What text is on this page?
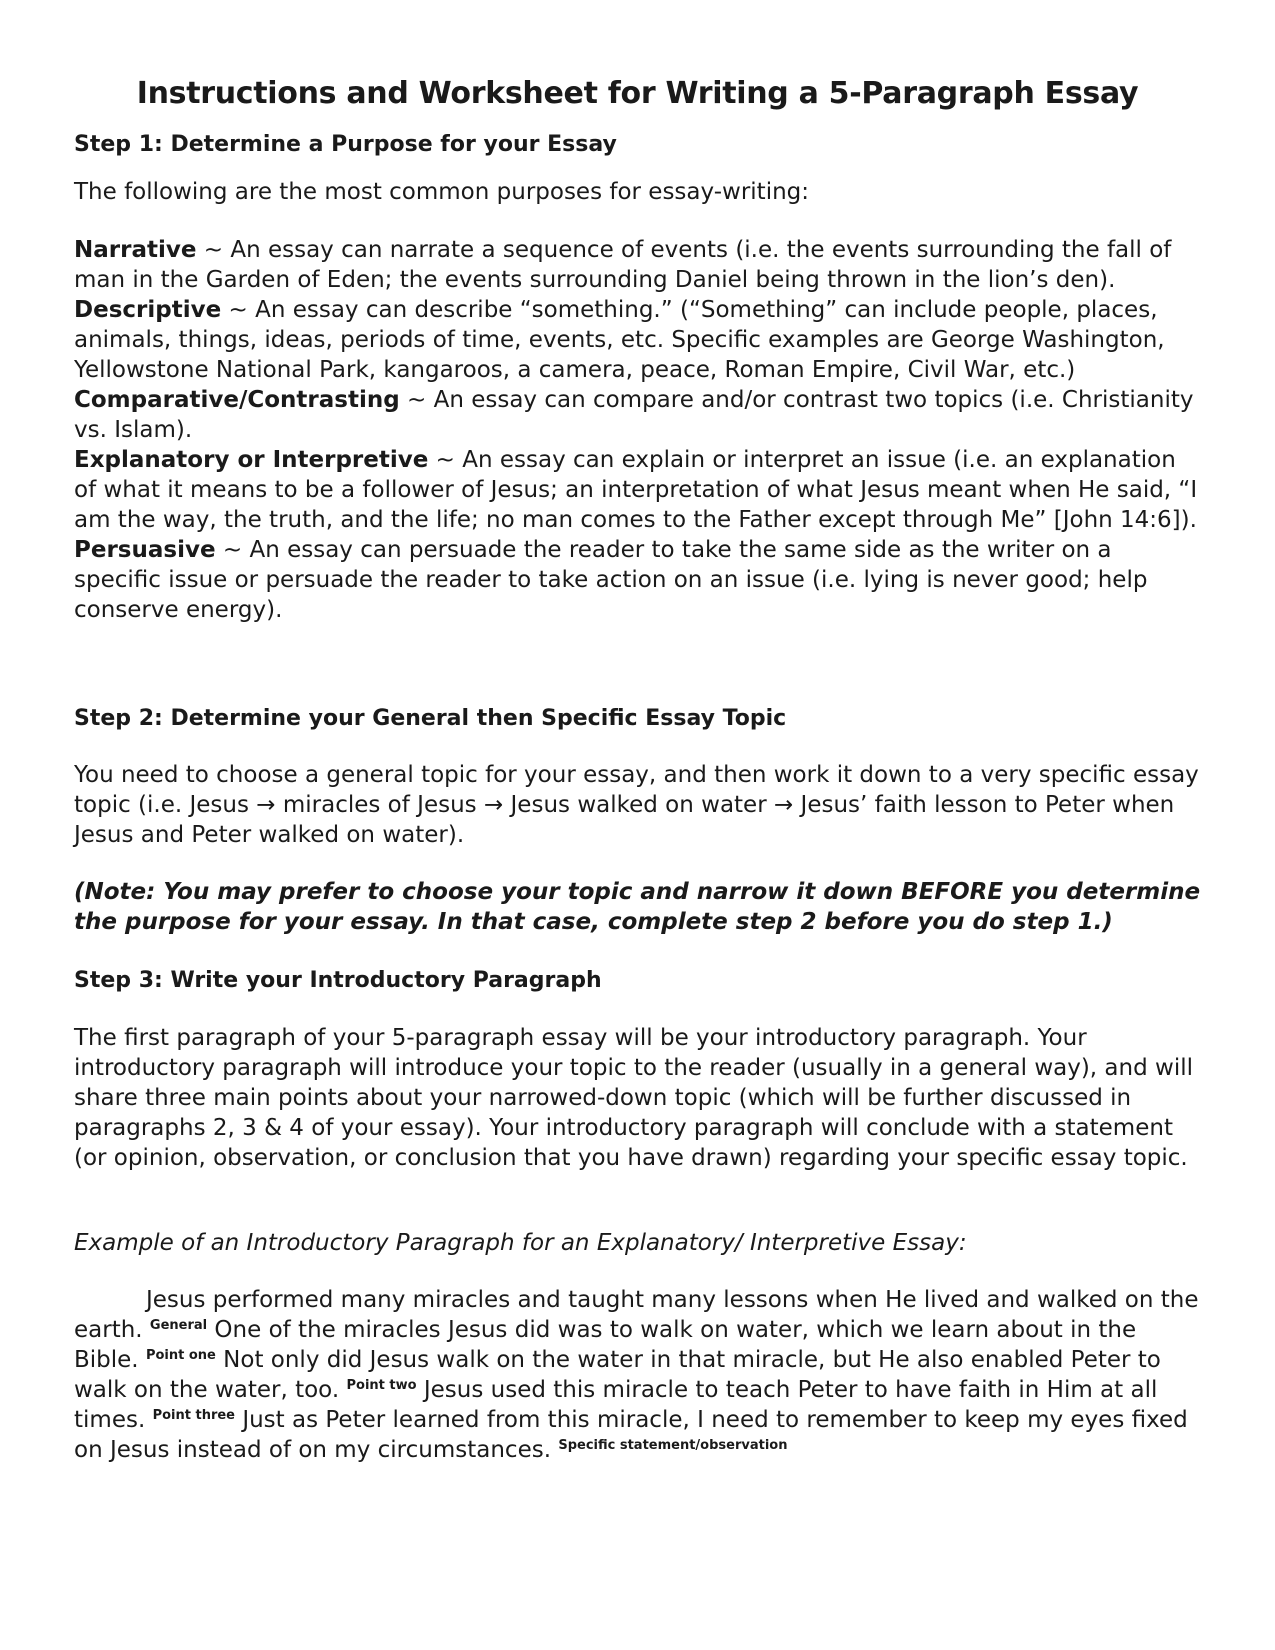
Instructions and Worksheet for Writing a 5-Paragraph Essay

Step 1: Determine a Purpose for your Essay

The following are the most common purposes for essay-writing:

Narrative ~ An essay can narrate a sequence of events (i.e. the events surrounding the fall of man in the Garden of Eden; the events surrounding Daniel being thrown in the lion’s den).

Descriptive ~ An essay can describe “something.” (“Something” can include people, places, animals, things, ideas, periods of time, events, etc. Specific examples are George Washington, Yellowstone National Park, kangaroos, a camera, peace, Roman Empire, Civil War, etc.)

Comparative/Contrasting ~ An essay can compare and/or contrast two topics (i.e. Christianity vs. Islam).

Explanatory or Interpretive ~ An essay can explain or interpret an issue (i.e. an explanation of what it means to be a follower of Jesus; an interpretation of what Jesus meant when He said, “I am the way, the truth, and the life; no man comes to the Father except through Me” [John 14:6]).

Persuasive ~ An essay can persuade the reader to take the same side as the writer on a specific issue or persuade the reader to take action on an issue (i.e. lying is never good; help conserve energy).

Step 2: Determine your General then Specific Essay Topic

You need to choose a general topic for your essay, and then work it down to a very specific essay topic (i.e. Jesus → miracles of Jesus → Jesus walked on water → Jesus’ faith lesson to Peter when Jesus and Peter walked on water).

(Note: You may prefer to choose your topic and narrow it down BEFORE you determine the purpose for your essay. In that case, complete step 2 before you do step 1.)

Step 3: Write your Introductory Paragraph

The first paragraph of your 5-paragraph essay will be your introductory paragraph. Your introductory paragraph will introduce your topic to the reader (usually in a general way), and will share three main points about your narrowed-down topic (which will be further discussed in paragraphs 2, 3 & 4 of your essay). Your introductory paragraph will conclude with a statement (or opinion, observation, or conclusion that you have drawn) regarding your specific essay topic.

Example of an Introductory Paragraph for an Explanatory/ Interpretive Essay:

Jesus performed many miracles and taught many lessons when He lived and walked on the earth. $^{General}$ One of the miracles Jesus did was to walk on water, which we learn about in the Bible. $^{Point one}$ Not only did Jesus walk on the water in that miracle, but He also enabled Peter to walk on the water, too. $^{Point two}$ Jesus used this miracle to teach Peter to have faith in Him at all times. $^{Point three}$ Just as Peter learned from this miracle, I need to remember to keep my eyes fixed on Jesus instead of on my circumstances. $^{Specific statement/observation}$
